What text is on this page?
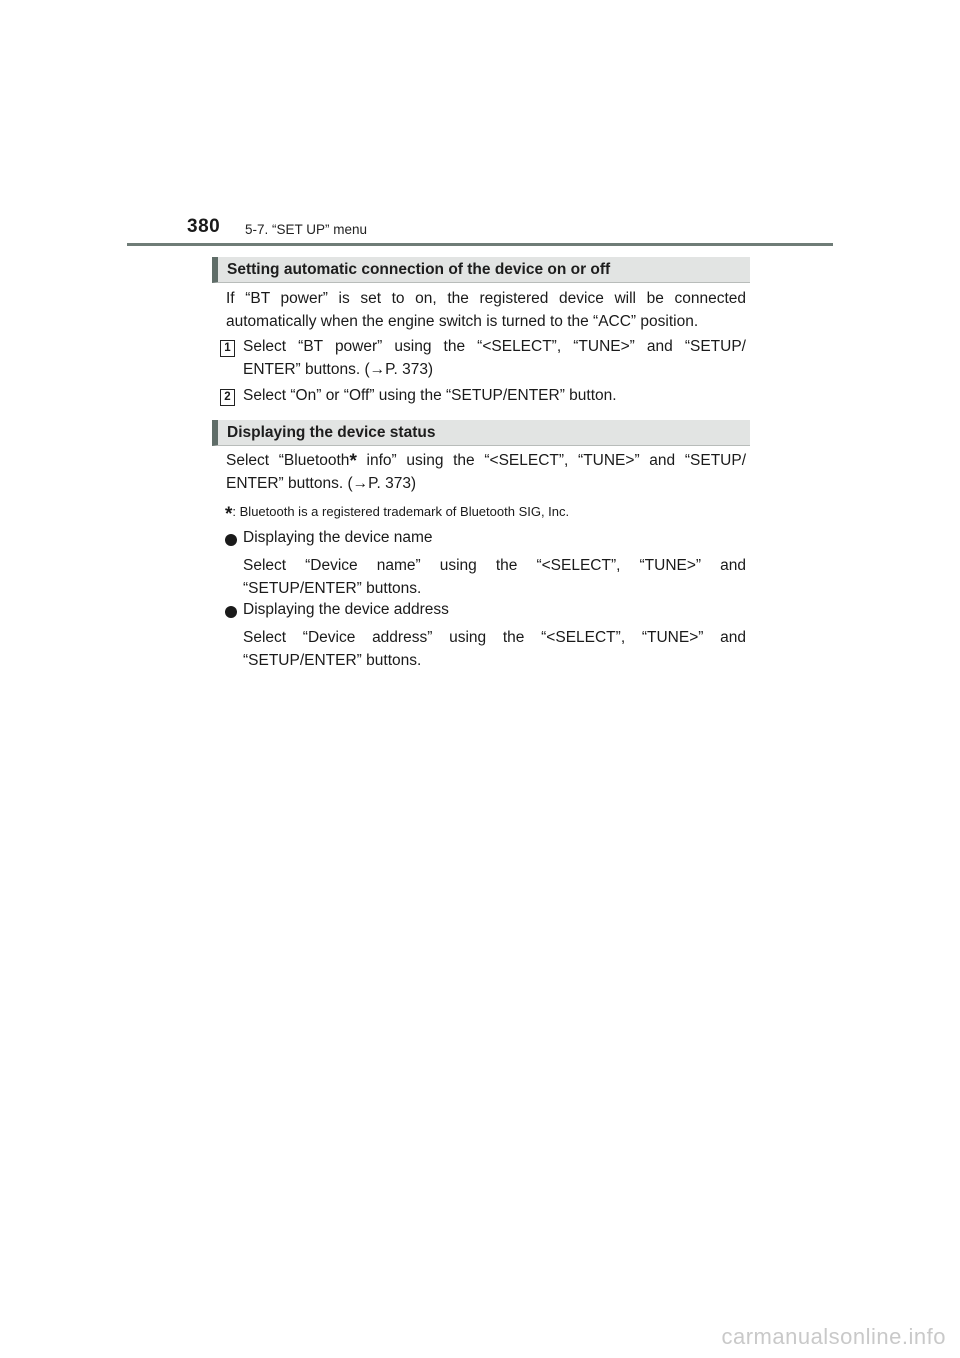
380 5-7. “SET UP” menu
Setting automatic connection of the device on or off
If “BT power” is set to on, the registered device will be connected
automatically when the engine switch is turned to the “ACC” position.
1 Select “BT power” using the “<SELECT”, “TUNE>” and “SETUP/
ENTER” buttons. (→P. 373)
2 Select “On” or “Off” using the “SETUP/ENTER” button.
Displaying the device status
Select “Bluetooth* info” using the “<SELECT”, “TUNE>” and “SETUP/
ENTER” buttons. (→P. 373)
*: Bluetooth is a registered trademark of Bluetooth SIG, Inc.
Displaying the device name
Select “Device name” using the “<SELECT”, “TUNE>” and
“SETUP/ENTER” buttons.
Displaying the device address
Select “Device address” using the “<SELECT”, “TUNE>” and
“SETUP/ENTER” buttons.
carmanualsonline.info
